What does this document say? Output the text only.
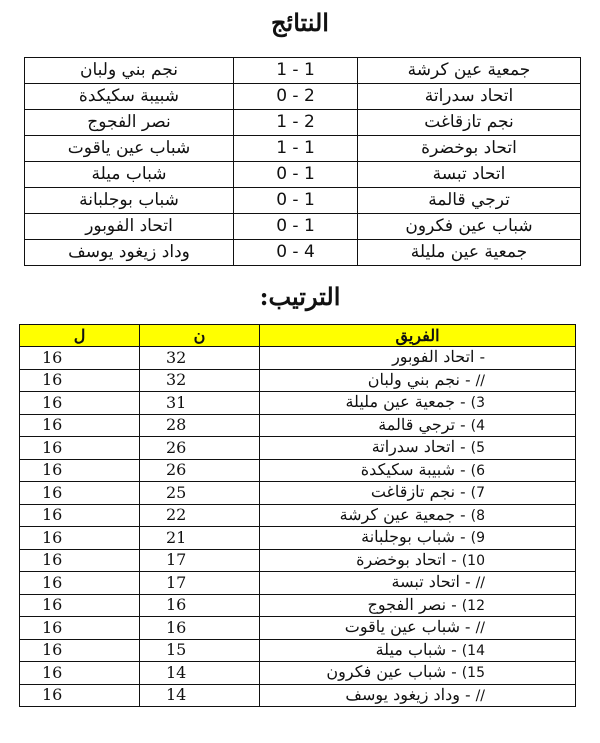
النتائج
جمعية عين كرشة	1 - 1	نجم بني ولبان
اتحاد سدراتة	2 - 0	شبيبة سكيكدة
نجم تازقاغت	2 - 1	نصر الفجوج
اتحاد بوخضرة	1 - 1	شباب عين ياقوت
اتحاد تبسة	1 - 0	شباب ميلة
ترجي قالمة	1 - 0	شباب بوجلبانة
شباب عين فكرون	1 - 0	اتحاد الفوبور
جمعية عين مليلة	4 - 0	وداد زيغود يوسف
الترتيب:
الفريق	ن	ل
- اتحاد الفوبور	32	16
// - نجم بني ولبان	32	16
3) - جمعية عين مليلة	31	16
4) - ترجي قالمة	28	16
5) - اتحاد سدراتة	26	16
6) - شبيبة سكيكدة	26	16
7) - نجم تازقاغت	25	16
8) - جمعية عين كرشة	22	16
9) - شباب بوجلبانة	21	16
10) - اتحاد بوخضرة	17	16
// - اتحاد تبسة	17	16
12) - نصر الفجوج	16	16
// - شباب عين ياقوت	16	16
14) - شباب ميلة	15	16
15) - شباب عين فكرون	14	16
// - وداد زيغود يوسف	14	16
